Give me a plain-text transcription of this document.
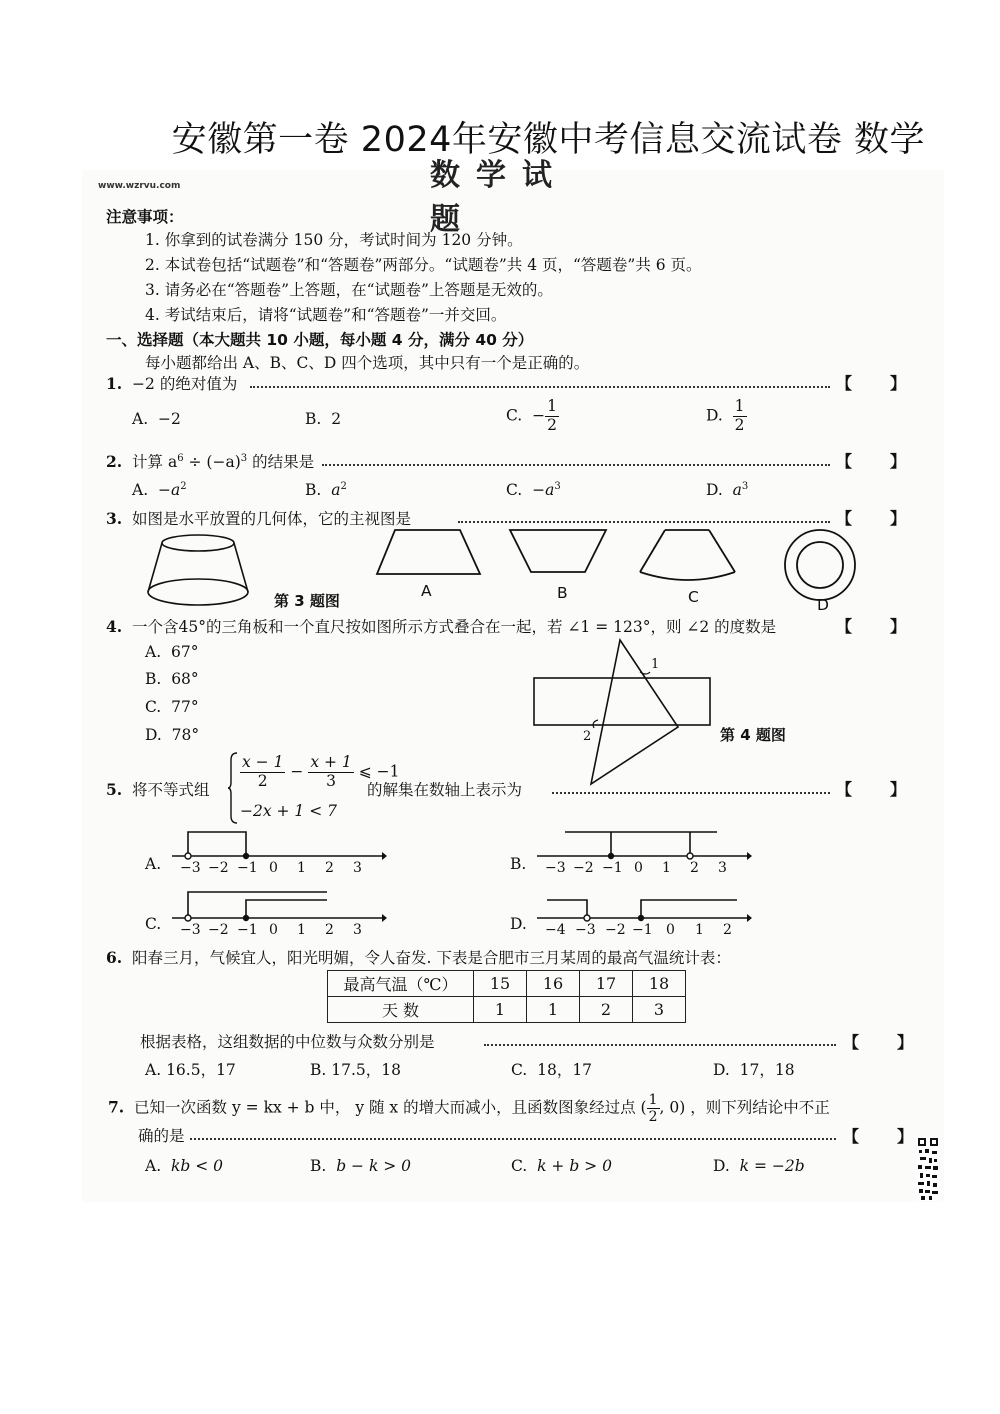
安徽第一卷 2024年安徽中考信息交流试卷 数学
www.wzrvu.com	数学试题
注意事项：
1. 你拿到的试卷满分 150 分，考试时间为 120 分钟。
2. 本试卷包括“试题卷”和“答题卷”两部分。“试题卷”共 4 页，“答题卷”共 6 页。
3. 请务必在“答题卷”上答题，在“试题卷”上答题是无效的。
4. 考试结束后，请将“试题卷”和“答题卷”一并交回。
一、选择题（本大题共 10 小题，每小题 4 分，满分 40 分）
每小题都给出 A、B、C、D 四个选项，其中只有一个是正确的。
1. −2 的绝对值为	【 】
A. −2	B. 2	C. − $\frac{1}{2}$	D. $\frac{1}{2}$
2. 计算 $a^6 \div (-a)^3$ 的结果是	【 】
A. $-a^2$	B. $a^2$	C. $-a^3$	D. $a^3$
3. 如图是水平放置的几何体，它的主视图是	【 】
第 3 题图
A	B	C	D
4. 一个含45°的三角板和一个直尺按如图所示方式叠合在一起，若 ∠1 = 123°，则 ∠2 的度数是	【 】
A. 67°
B. 68°
C. 77°
D. 78°
1
2	第 4 题图
5. 将不等式组 $\frac{x - 1}{2} - \frac{x + 1}{3}$ ⩽ −1
−2x + 1 < 7
的解集在数轴上表示为	【 】
A.	B.
C.	D.
−3 −2 −1 0 1 2 3	−3 −2 −1 0 1 2 3
−3 −2 −1 0 1 2 3	−4 −3 −2 −1 0 1 2
6. 阳春三月，气候宜人，阳光明媚，令人奋发. 下表是合肥市三月某周的最高气温统计表：
最高气温（℃）	15	16	17	18
天 数	1	1	2	3
根据表格，这组数据的中位数与众数分别是	【 】
A. 16.5，17	B. 17.5，18	C. 18，17	D. 17，18
7. 已知一次函数 y = kx + b 中， y 随 x 的增大而减小，且函数图象经过点 ( $\frac{1}{2}$ , 0) ，则下列结论中不正
确的是	【 】
A. kb < 0	B. b − k > 0	C. k + b > 0	D. k = −2b
